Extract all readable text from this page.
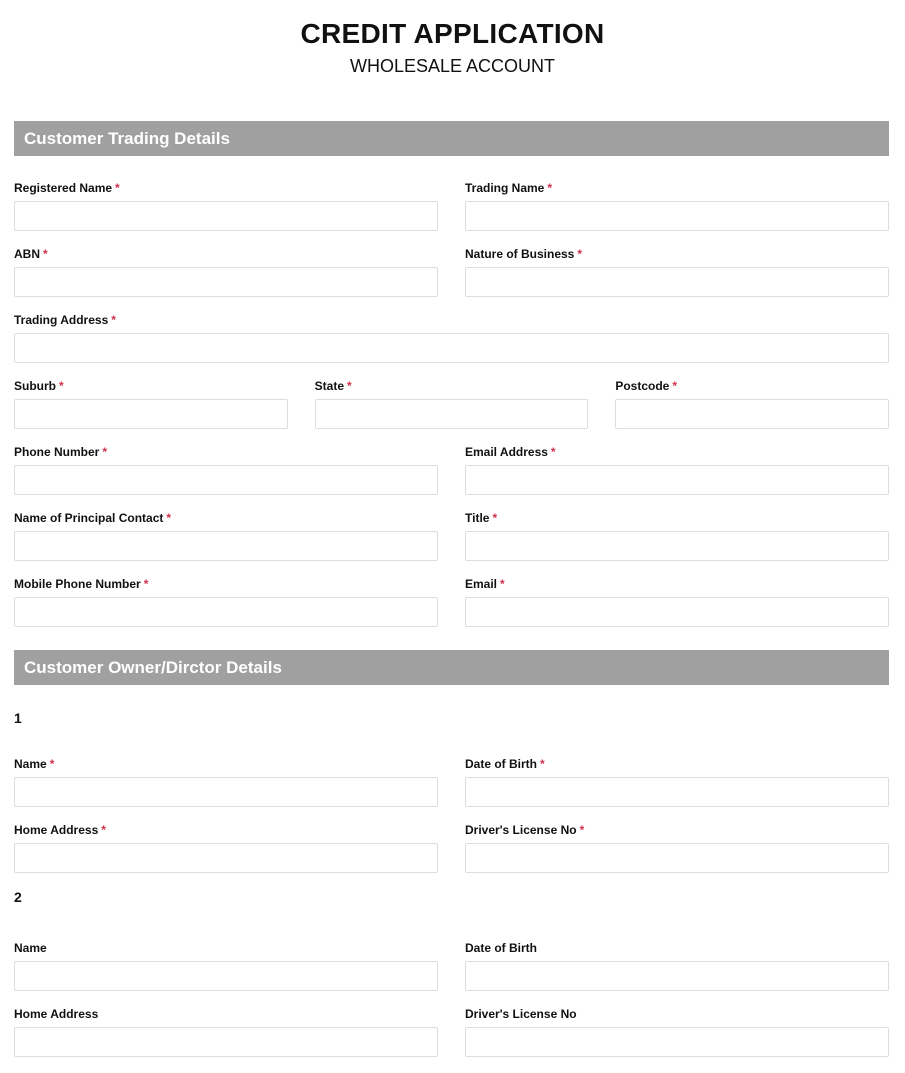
CREDIT APPLICATION
WHOLESALE ACCOUNT
Customer Trading Details
Registered Name *	Trading Name *
ABN *	Nature of Business *
Trading Address *
Suburb *	State *	Postcode *
Phone Number *	Email Address *
Name of Principal Contact *	Title *
Mobile Phone Number *	Email *
Customer Owner/Dirctor Details
1
Name *	Date of Birth *
Home Address *	Driver's License No *
2
Name	Date of Birth
Home Address	Driver's License No
